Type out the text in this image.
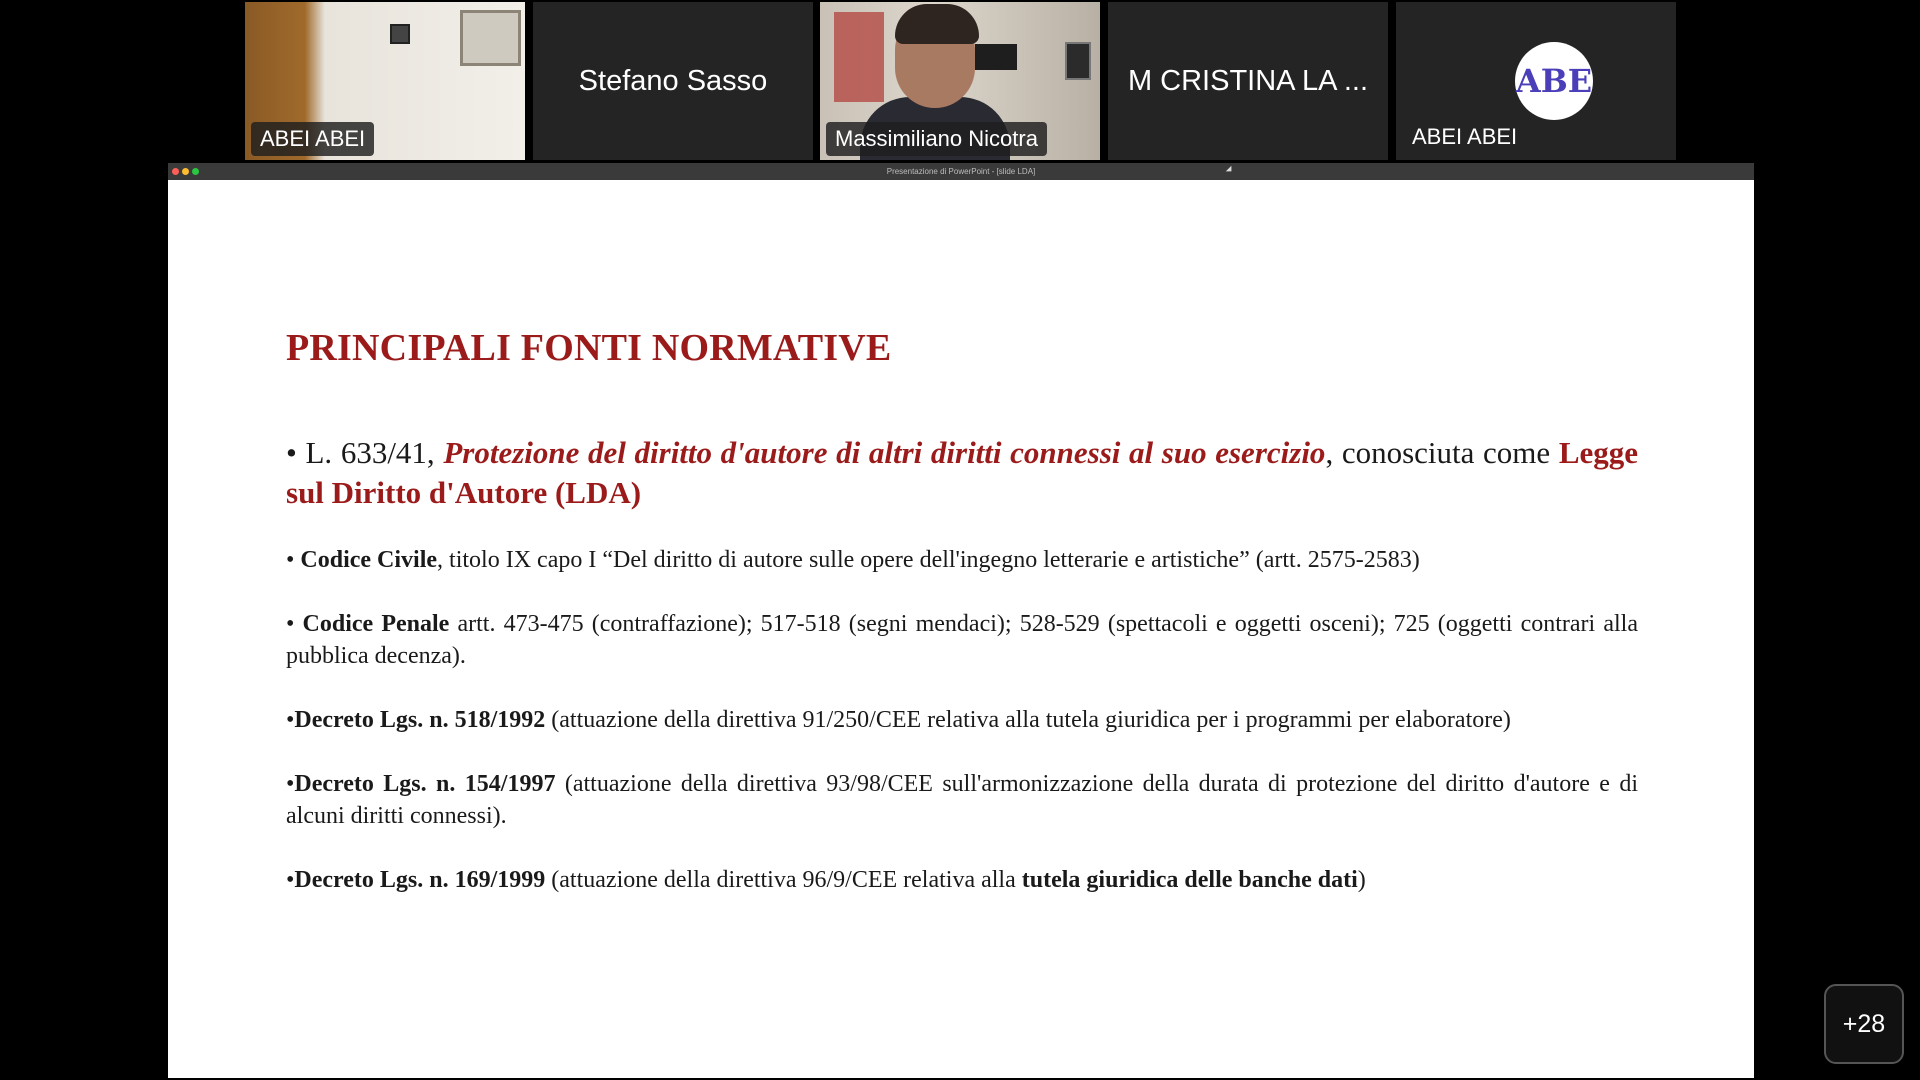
ABEI ABEI
Stefano Sasso
Massimiliano Nicotra
M CRISTINA LA ...	ABE
ABEI ABEI
Presentazione di PowerPoint - [slide LDA]
PRINCIPALI FONTI NORMATIVE
• L. 633/41, Protezione del diritto d'autore di altri diritti connessi al suo esercizio, conosciuta come Legge sul Diritto d'Autore (LDA)
• Codice Civile, titolo IX capo I “Del diritto di autore sulle opere dell'ingegno letterarie e artistiche” (artt. 2575-2583)
• Codice Penale artt. 473-475 (contraffazione); 517-518 (segni mendaci); 528-529 (spettacoli e oggetti osceni); 725 (oggetti contrari alla pubblica decenza).
•Decreto Lgs. n. 518/1992 (attuazione della direttiva 91/250/CEE relativa alla tutela giuridica per i programmi per elaboratore)
•Decreto Lgs. n. 154/1997 (attuazione della direttiva 93/98/CEE sull'armonizzazione della durata di protezione del diritto d'autore e di alcuni diritti connessi).
•Decreto Lgs. n. 169/1999 (attuazione della direttiva 96/9/CEE relativa alla tutela giuridica delle banche dati)
+28
